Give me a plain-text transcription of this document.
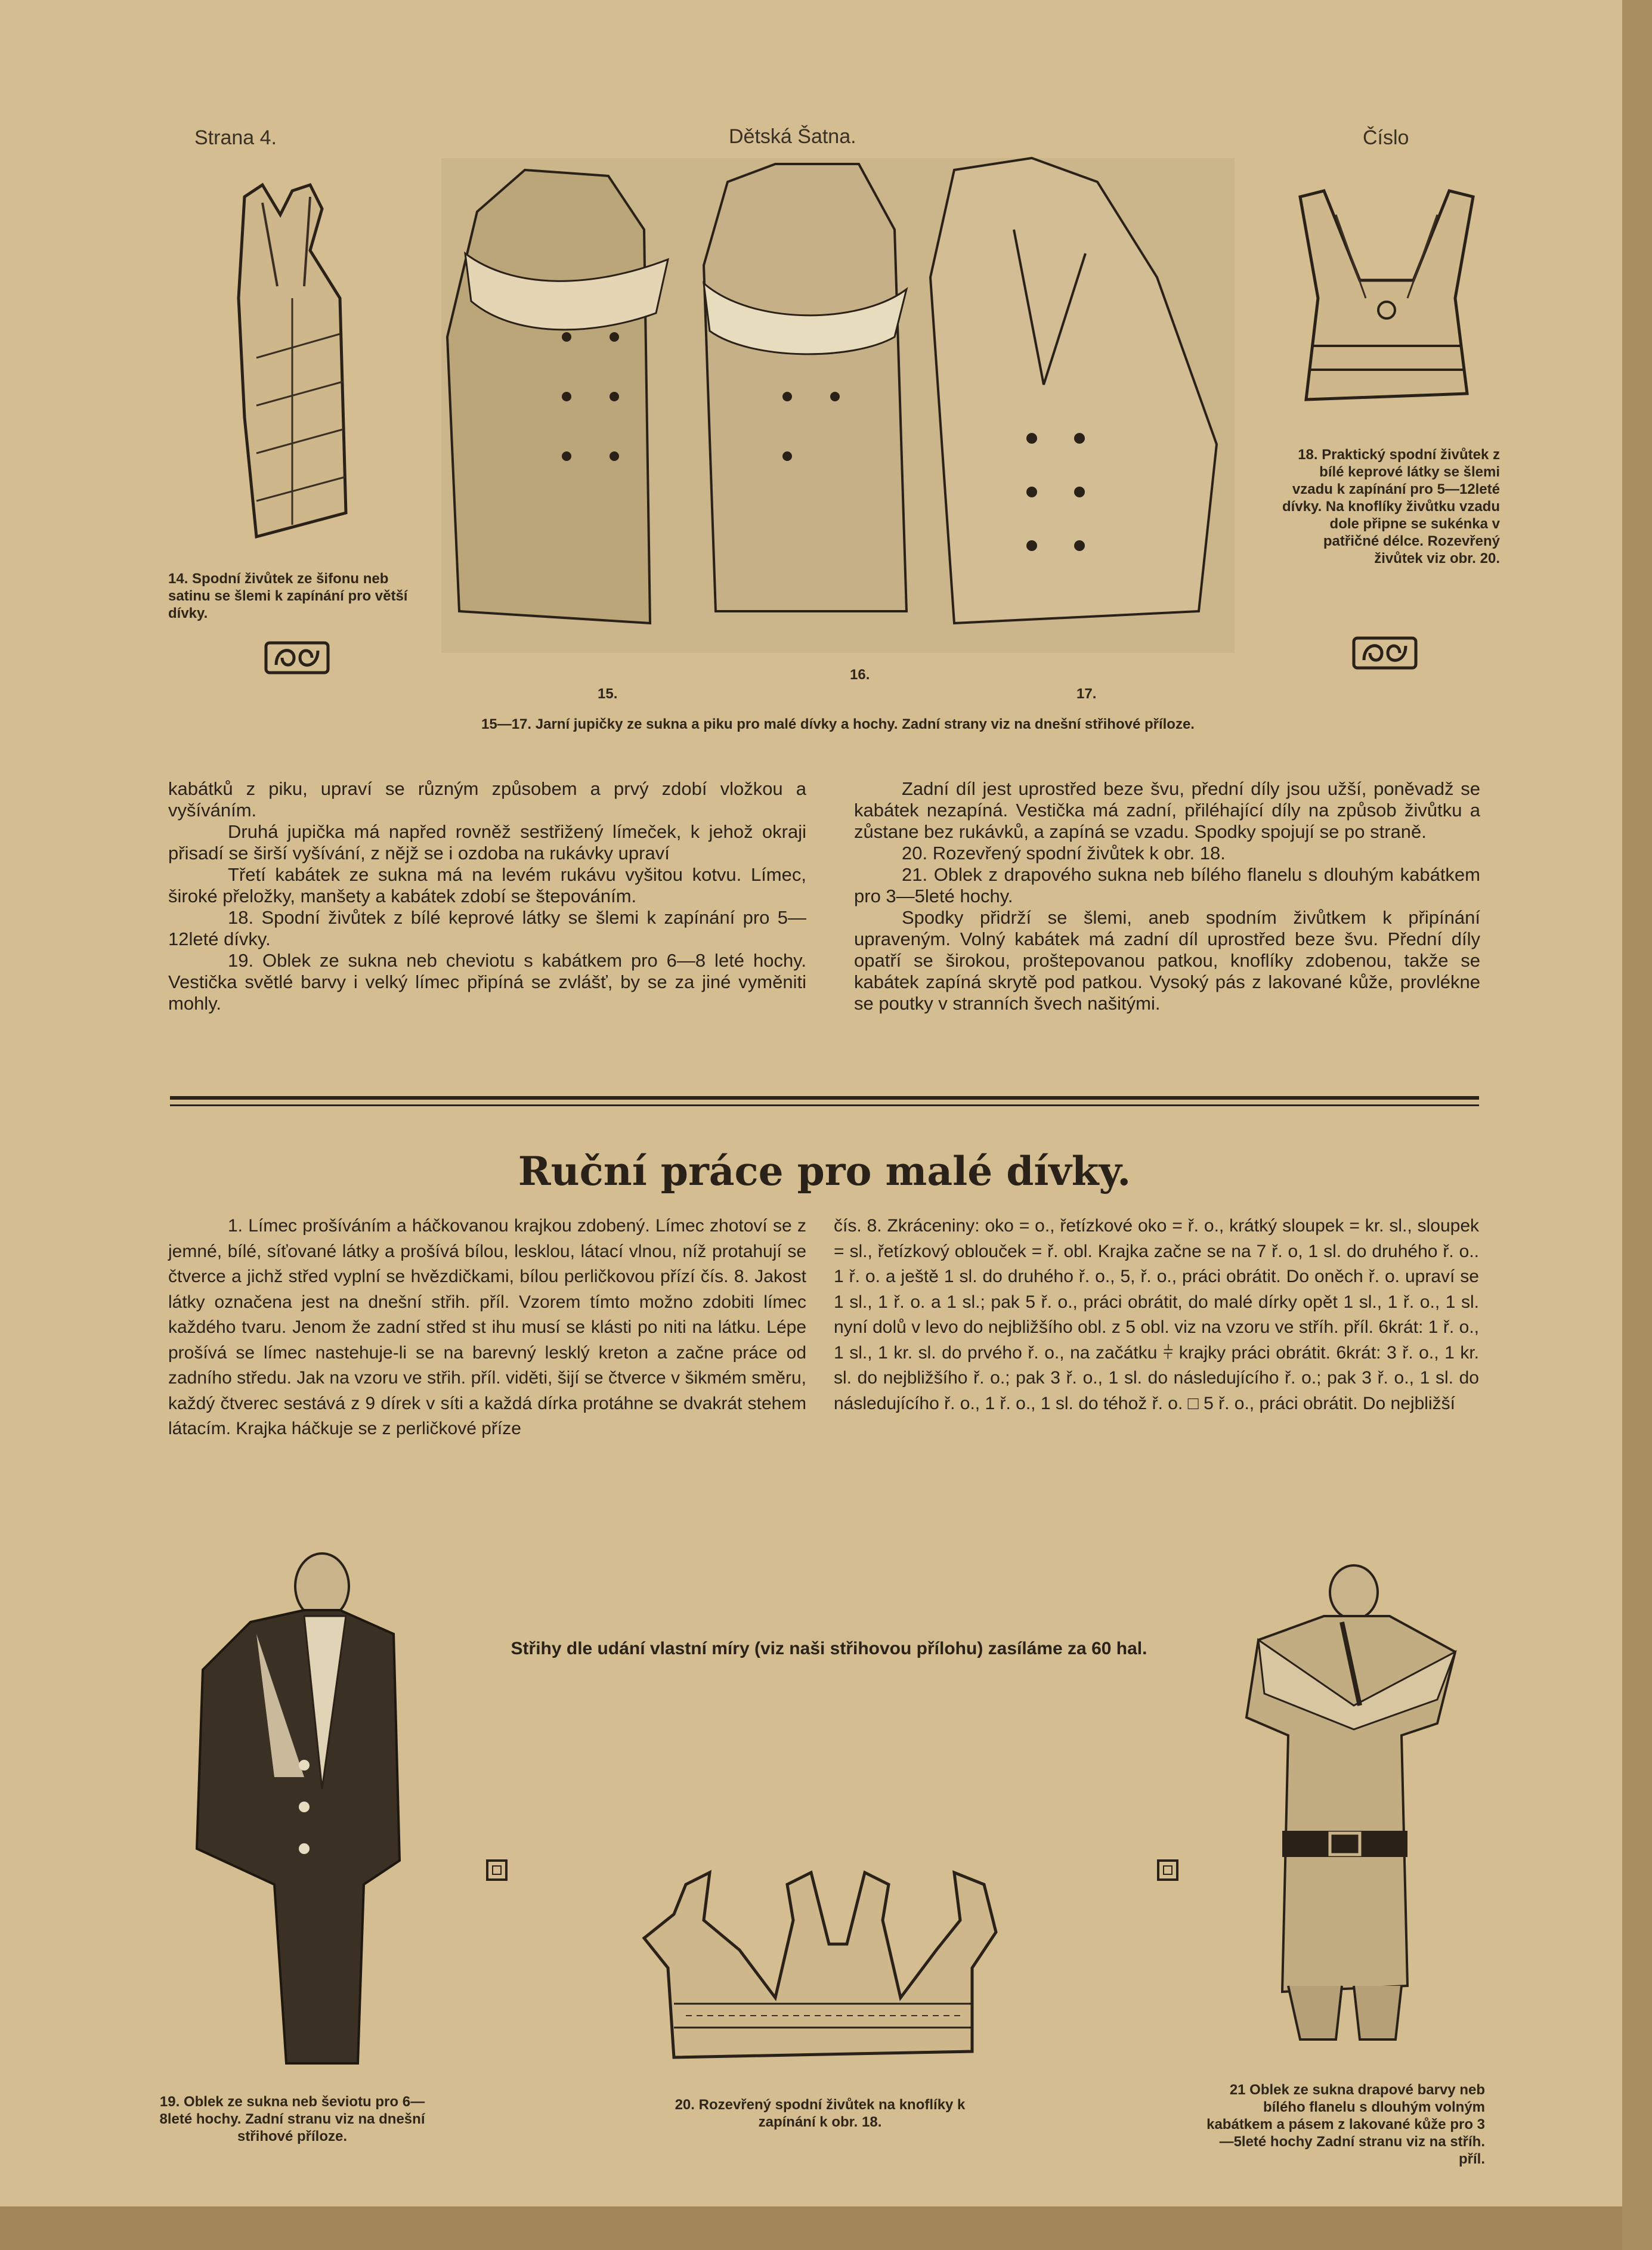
Strana 4.	Dětská Šatna.	Číslo
14. Spodní živůtek ze šifonu neb satinu se šlemi k zapínání pro větší dívky.
15.
16.
17.
15—17. Jarní jupičky ze sukna a piku pro malé dívky a hochy. Zadní strany viz na dnešní střihové příloze.
18. Praktický spodní živůtek z bílé keprové látky se šlemi vzadu k zapínání pro 5—12leté dívky. Na knoflíky živůtku vzadu dole připne se sukénka v patřičné délce. Rozevřený živůtek viz obr. 20.

kabátků z piku, upraví se různým způsobem a prvý zdobí vložkou a vyšíváním.

Druhá jupička má napřed rovněž sestřižený límeček, k jehož okraji přisadí se širší vyšívání, z nějž se i ozdoba na rukávky upraví

Třetí kabátek ze sukna má na levém rukávu vyšitou kotvu. Límec, široké přeložky, manšety a kabátek zdobí se štepováním.

18. Spodní živůtek z bílé keprové látky se šlemi k zapínání pro 5—12leté dívky.

19. Oblek ze sukna neb cheviotu s kabátkem pro 6—8 leté hochy. Vestička světlé barvy i velký límec připíná se zvlášť, by se za jiné vyměniti mohly.

Zadní díl jest uprostřed beze švu, přední díly jsou užší, poněvadž se kabátek nezapíná. Vestička má zadní, přiléhající díly na způsob živůtku a zůstane bez rukávků, a zapíná se vzadu. Spodky spojují se po straně.

20. Rozevřený spodní živůtek k obr. 18.

21. Oblek z drapového sukna neb bílého flanelu s dlouhým kabátkem pro 3—5leté hochy.

Spodky přidrží se šlemi, aneb spodním živůtkem k připínání upraveným. Volný kabátek má zadní díl uprostřed beze švu. Přední díly opatří se širokou, proštepovanou patkou, knoflíky zdobenou, takže se kabátek zapíná skrytě pod patkou. Vysoký pás z lakované kůže, provlékne se poutky v stranních švech našitými.

Ruční práce pro malé dívky.
1. Límec prošíváním a háčkovanou krajkou zdobený. Límec zhotoví se z jemné, bílé, síťované látky a prošívá bílou, lesklou, látací vlnou, níž protahují se čtverce a jichž střed vyplní se hvězdičkami, bílou perličkovou přízí čís. 8. Jakost látky označena jest na dnešní střih. příl. Vzorem tímto možno zdobiti límec každého tvaru. Jenom že zadní střed st ihu musí se klásti po niti na látku. Lépe prošívá se límec nastehuje-li se na barevný lesklý kreton a začne práce od zadního středu. Jak na vzoru ve střih. příl. viděti, šijí se čtverce v šikmém směru, každý čtverec sestává z 9 dírek v síti a každá dírka protáhne se dvakrát stehem látacím. Krajka háčkuje se z perličkové příze
čís. 8. Zkráceniny: oko = o., řetízkové oko = ř. o., krátký sloupek = kr. sl., sloupek = sl., řetízkový oblouček = ř. obl. Krajka začne se na 7 ř. o, 1 sl. do druhého ř. o.. 1 ř. o. a ještě 1 sl. do druhého ř. o., 5, ř. o., práci obrátit. Do oněch ř. o. upraví se 1 sl., 1 ř. o. a 1 sl.; pak 5 ř. o., práci obrátit, do malé dírky opět 1 sl., 1 ř. o., 1 sl. nyní dolů v levo do nejbližšího obl. z 5 obl. viz na vzoru ve stříh. příl. 6krát: 1 ř. o., 1 sl., 1 kr. sl. do prvého ř. o., na začátku ⫩ krajky práci obrátit. 6krát: 3 ř. o., 1 kr. sl. do nejbližšího ř. o.; pak 3 ř. o., 1 sl. do následujícího ř. o.; pak 3 ř. o., 1 sl. do následujícího ř. o., 1 ř. o., 1 sl. do téhož ř. o. □ 5 ř. o., práci obrátit. Do nejbližší
Střihy dle udání vlastní míry (viz naši střihovou přílohu) zasíláme za 60 hal.
19. Oblek ze sukna neb ševiotu pro 6—8leté hochy. Zadní stranu viz na dnešní střihové příloze.
20. Rozevřený spodní živůtek na knoflíky k zapínání k obr. 18.
21 Oblek ze sukna drapové barvy neb bílého flanelu s dlouhým volným kabátkem a pásem z lakované kůže pro 3—5leté hochy Zadní stranu viz na stříh. příl.
